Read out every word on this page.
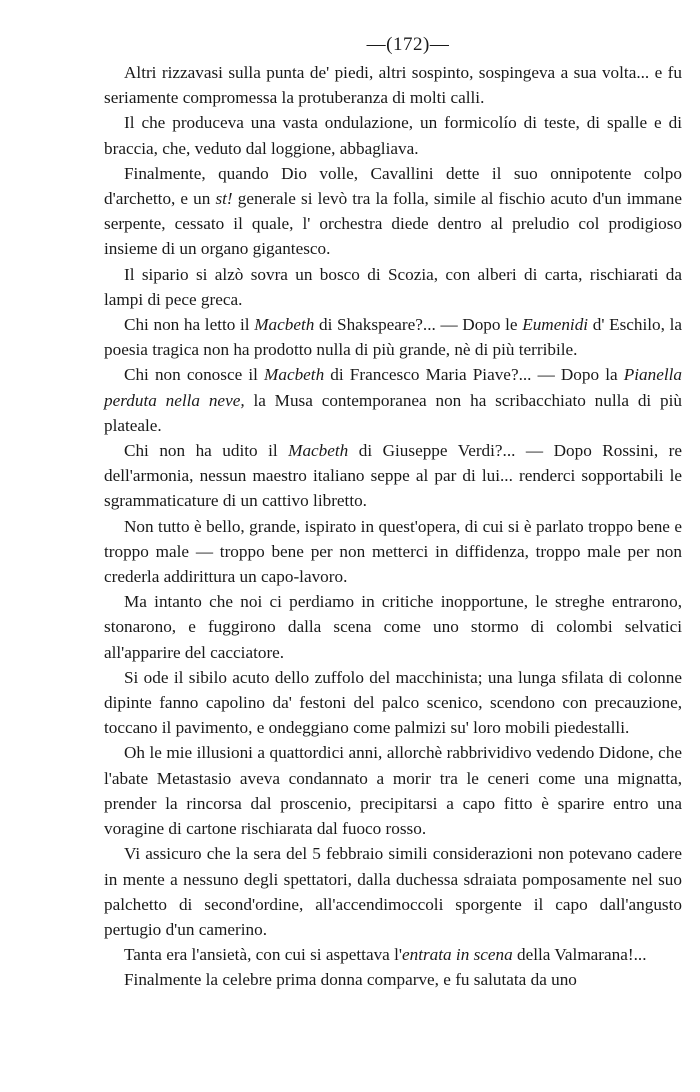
—(172)—

Altri rizzavasi sulla punta de' piedi, altri sospinto, sospingeva a sua volta... e fu seriamente compromessa la protuberanza di molti calli.

Il che produceva una vasta ondulazione, un formicolío di teste, di spalle e di braccia, che, veduto dal loggione, abbagliava.

Finalmente, quando Dio volle, Cavallini dette il suo onnipotente colpo d'archetto, e un st! generale si levò tra la folla, simile al fischio acuto d'un immane serpente, cessato il quale, l' orchestra diede dentro al preludio col prodigioso insieme di un organo gigantesco.

Il sipario si alzò sovra un bosco di Scozia, con alberi di carta, rischiarati da lampi di pece greca.

Chi non ha letto il Macbeth di Shakspeare?... — Dopo le Eumenidi d' Eschilo, la poesia tragica non ha prodotto nulla di più grande, nè di più terribile.

Chi non conosce il Macbeth di Francesco Maria Piave?... — Dopo la Pianella perduta nella neve, la Musa contemporanea non ha scribacchiato nulla di più plateale.

Chi non ha udito il Macbeth di Giuseppe Verdi?... — Dopo Rossini, re dell'armonia, nessun maestro italiano seppe al par di lui... renderci sopportabili le sgrammaticature di un cattivo libretto.

Non tutto è bello, grande, ispirato in quest'opera, di cui si è parlato troppo bene e troppo male — troppo bene per non metterci in diffidenza, troppo male per non crederla addirittura un capo-lavoro.

Ma intanto che noi ci perdiamo in critiche inopportune, le streghe entrarono, stonarono, e fuggirono dalla scena come uno stormo di colombi selvatici all'apparire del cacciatore.

Si ode il sibilo acuto dello zuffolo del macchinista; una lunga sfilata di colonne dipinte fanno capolino da' festoni del palco scenico, scendono con precauzione, toccano il pavimento, e ondeggiano come palmizi su' loro mobili piedestalli.

Oh le mie illusioni a quattordici anni, allorchè rabbrividivo vedendo Didone, che l'abate Metastasio aveva condannato a morir tra le ceneri come una mignatta, prender la rincorsa dal proscenio, precipitarsi a capo fitto è sparire entro una voragine di cartone rischiarata dal fuoco rosso.

Vi assicuro che la sera del 5 febbraio simili considerazioni non potevano cadere in mente a nessuno degli spettatori, dalla duchessa sdraiata pomposamente nel suo palchetto di second'ordine, all'accendimoccoli sporgente il capo dall'angusto pertugio d'un camerino.

Tanta era l'ansietà, con cui si aspettava l'entrata in scena della Valmarana!...

Finalmente la celebre prima donna comparve, e fu salutata da uno
